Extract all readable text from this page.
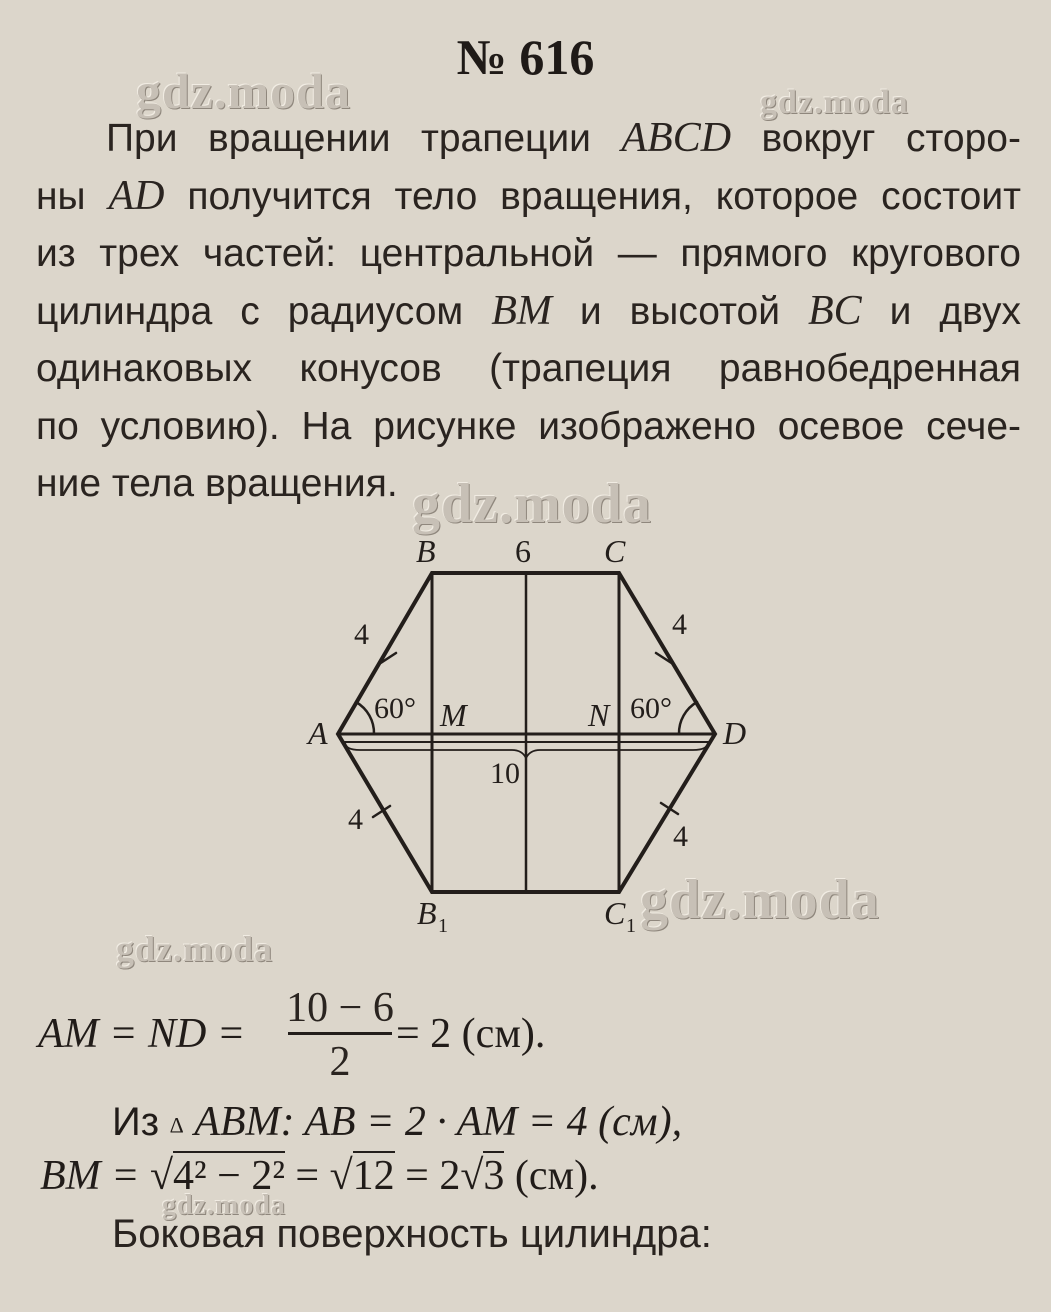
№ 616
При вращении трапеции ABCD вокруг сторо-
ны AD получится тело вращения, которое состоит
из трех частей: центральной — прямого кругового
цилиндра с радиусом BM и высотой BC и двух
одинаковых конусов (трапеция равнобедренная
по условию). На рисунке изображено осевое сече-
ние тела вращения.
gdz.moda	gdz.moda
gdz.moda
gdz.moda
gdz.moda
gdz.moda
B 6 C
A	D
M	N
60°	60°
10
4	4
4
4
B 1	C 1
AM = ND =
10 − 6
2
= 2 (см).
Из Δ ABM: AB = 2 · AM = 4 (см),
BM = √4² − 2² = √12 = 2√3 (см).
Боковая поверхность цилиндра:
